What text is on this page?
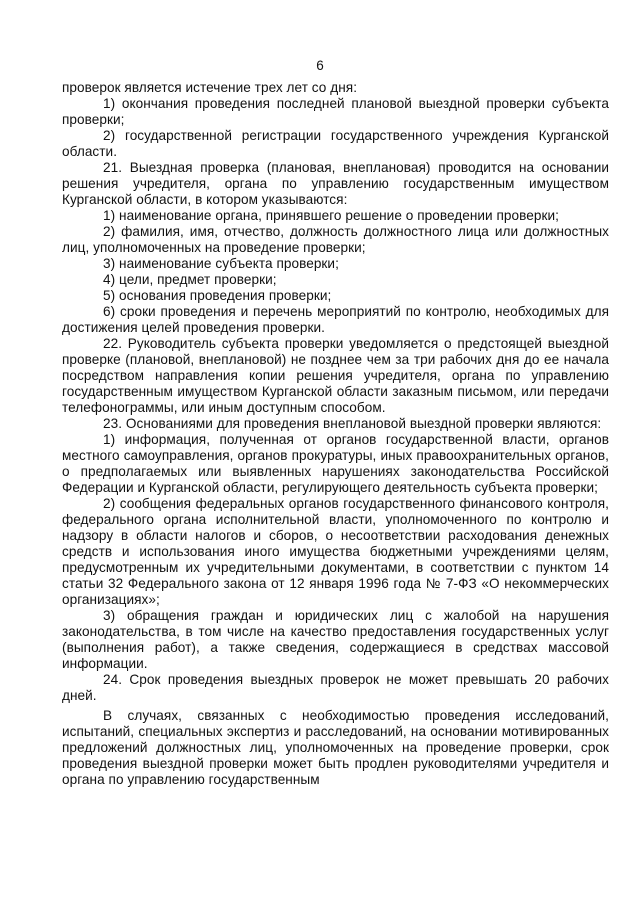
6

проверок является истечение трех лет со дня:

1) окончания проведения последней плановой выездной проверки субъекта проверки;

2) государственной регистрации государственного учреждения Курганской области.

21. Выездная проверка (плановая, внеплановая) проводится на основании решения учредителя, органа по управлению государственным имуществом Курганской области, в котором указываются:

1) наименование органа, принявшего решение о проведении проверки;

2) фамилия, имя, отчество, должность должностного лица или должностных лиц, уполномоченных на проведение проверки;

3) наименование субъекта проверки;

4) цели, предмет проверки;

5) основания проведения проверки;

6) сроки проведения и перечень мероприятий по контролю, необходимых для достижения целей проведения проверки.

22. Руководитель субъекта проверки уведомляется о предстоящей выездной проверке (плановой, внеплановой) не позднее чем за три рабочих дня до ее начала посредством направления копии решения учредителя, органа по управлению государственным имуществом Курганской области заказным письмом, или передачи телефонограммы, или иным доступным способом.

23. Основаниями для проведения внеплановой выездной проверки являются:

1) информация, полученная от органов государственной власти, органов местного самоуправления, органов прокуратуры, иных правоохранительных органов, о предполагаемых или выявленных нарушениях законодательства Российской Федерации и Курганской области, регулирующего деятельность субъекта проверки;

2) сообщения федеральных органов государственного финансового контроля, федерального органа исполнительной власти, уполномоченного по контролю и надзору в области налогов и сборов, о несоответствии расходования денежных средств и использования иного имущества бюджетными учреждениями целям, предусмотренным их учредительными документами, в соответствии с пунктом 14 статьи 32 Федерального закона от 12 января 1996 года № 7-ФЗ «О некоммерческих организациях»;

3) обращения граждан и юридических лиц с жалобой на нарушения законодательства, в том числе на качество предоставления государственных услуг (выполнения работ), а также сведения, содержащиеся в средствах массовой информации.

24. Срок проведения выездных проверок не может превышать 20 рабочих дней.

В случаях, связанных с необходимостью проведения исследований, испытаний, специальных экспертиз и расследований, на основании мотивированных предложений должностных лиц, уполномоченных на проведение проверки, срок проведения выездной проверки может быть продлен руководителями учредителя и органа по управлению государственным
